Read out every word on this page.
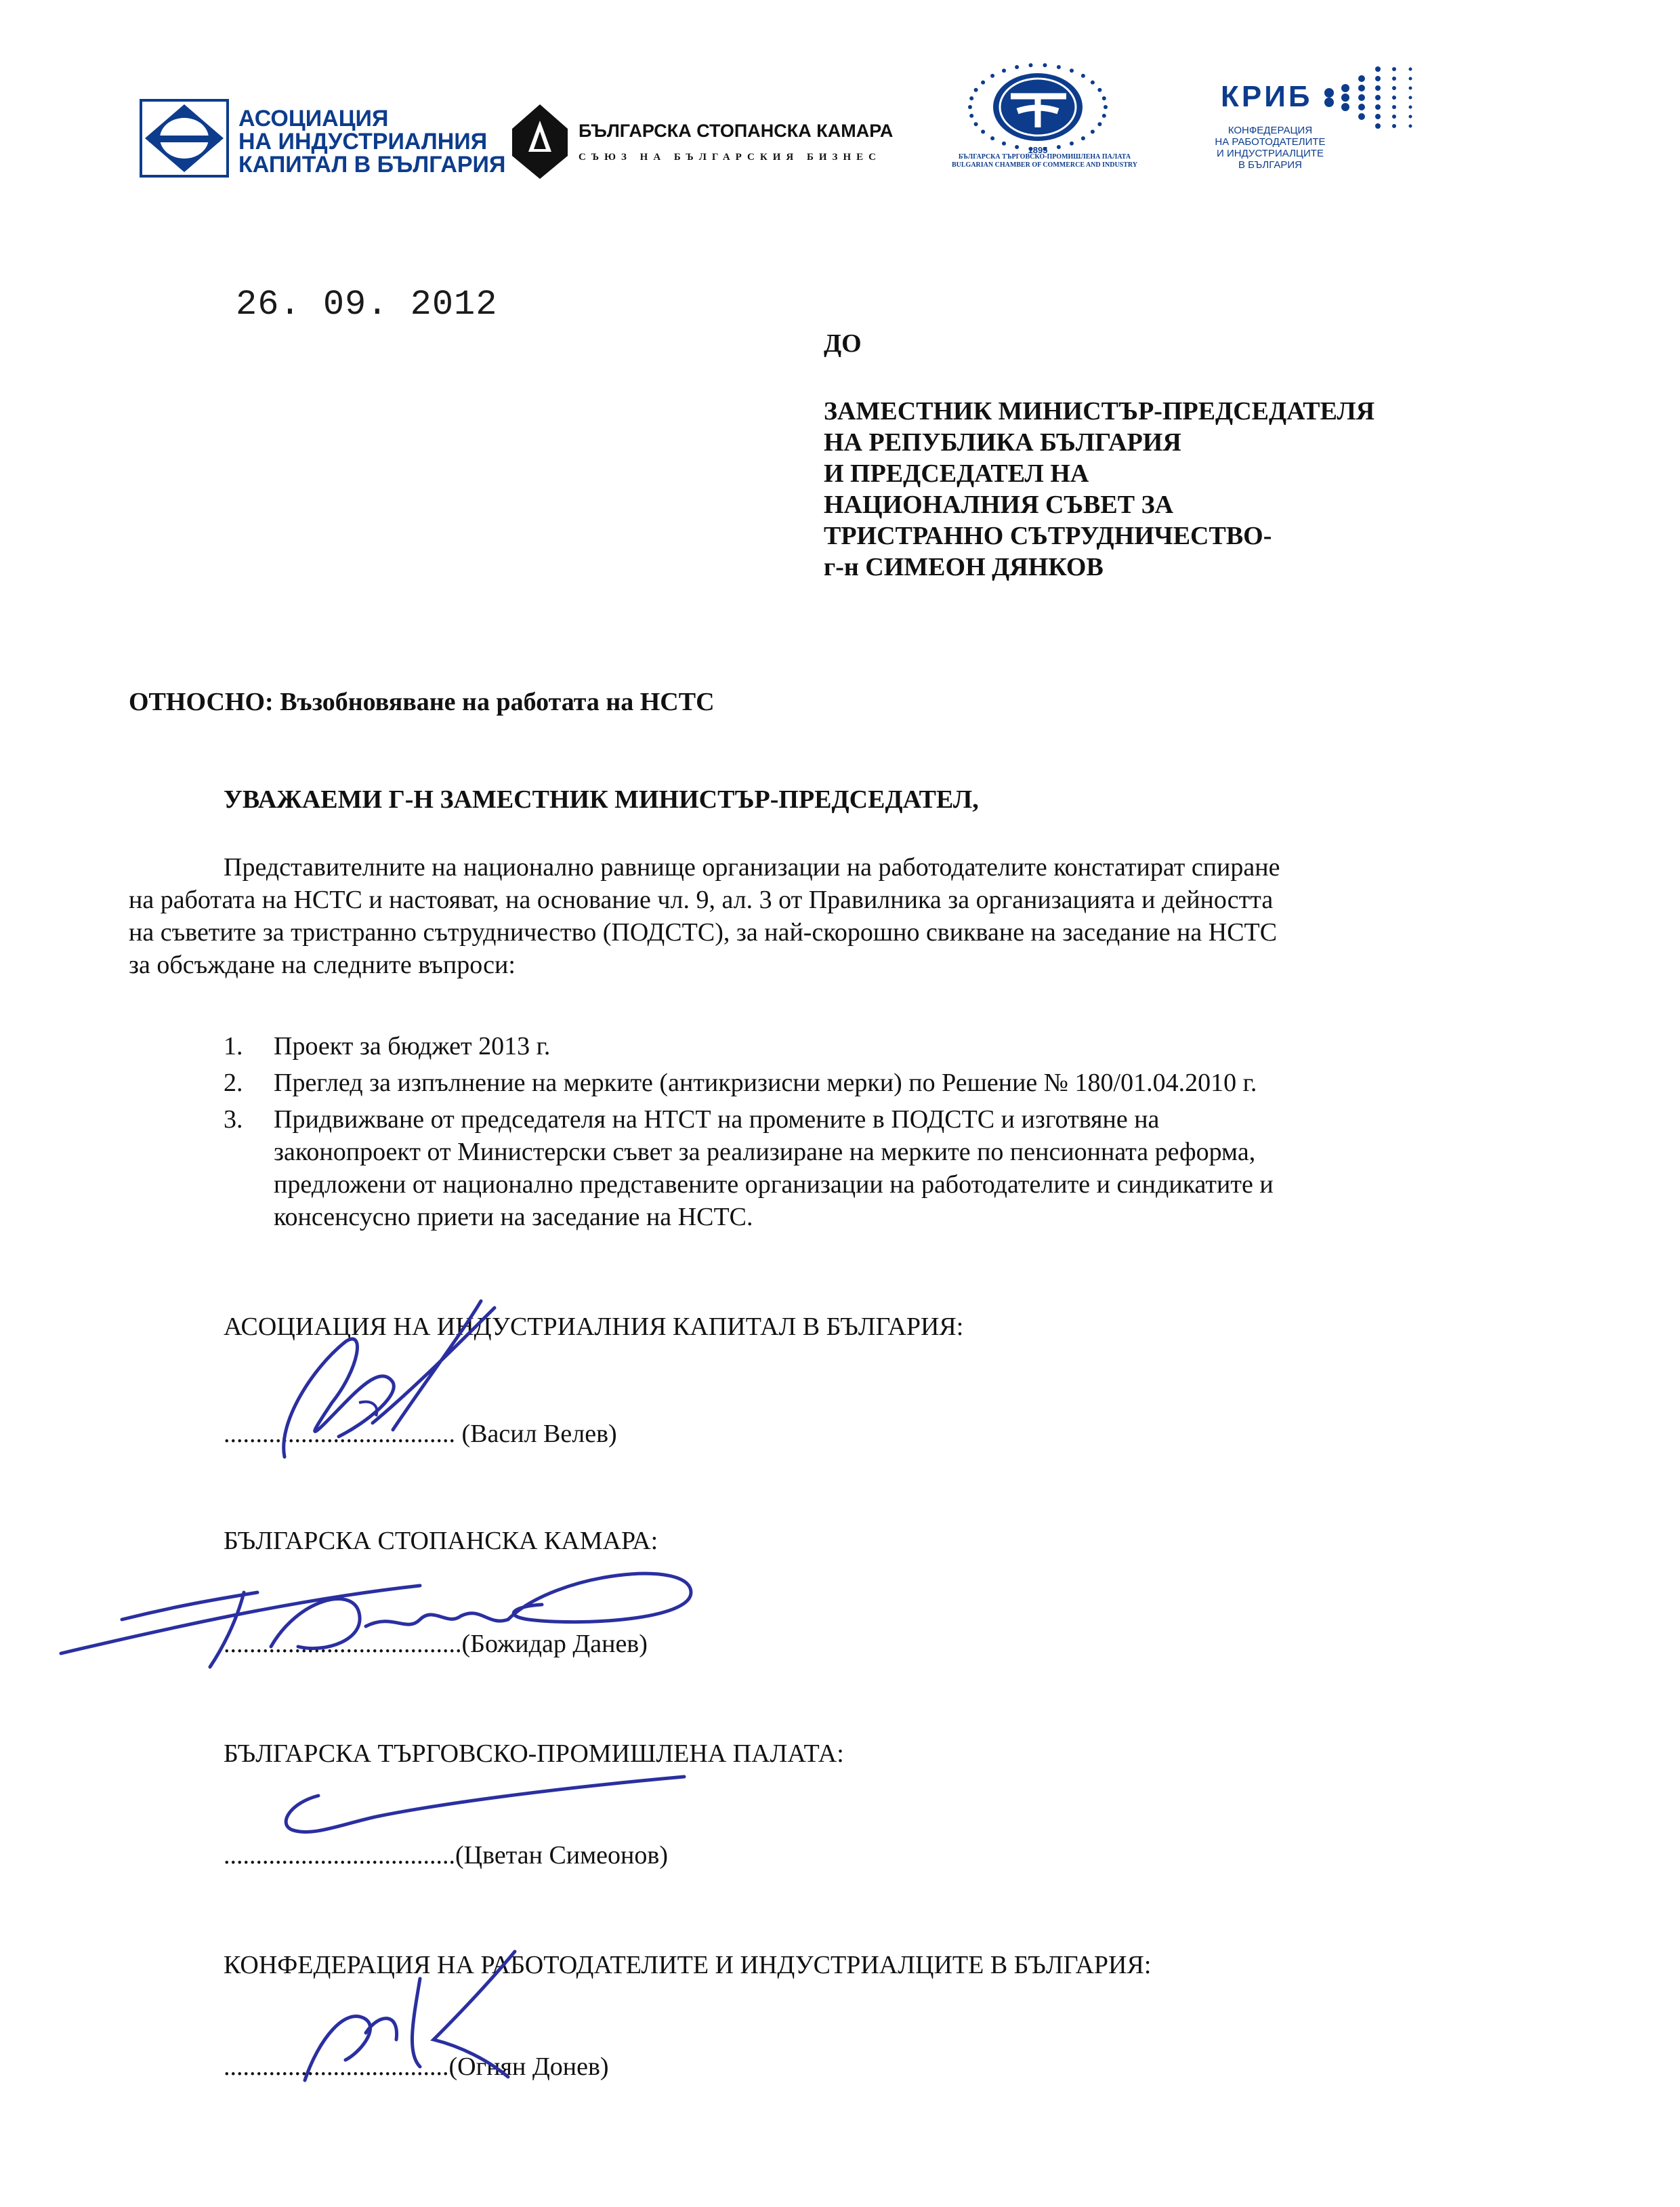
АСОЦИАЦИЯ
НА ИНДУСТРИАЛНИЯ
КАПИТАЛ В БЪЛГАРИЯ
БЪЛГАРСКА СТОПАНСКА КАМАРА
СЪЮЗ НА БЪЛГАРСКИЯ БИЗНЕС
1895
БЪЛГАРСКА ТЪРГОВСКО-ПРОМИШЛЕНА ПАЛАТА
BULGARIAN CHAMBER OF COMMERCE AND INDUSTRY
КРИБ
КОНФЕДЕРАЦИЯ
НА РАБОТОДАТЕЛИТЕ
И ИНДУСТРИАЛЦИТЕ
В БЪЛГАРИЯ
26. 09. 2012
ДО
ЗАМЕСТНИК МИНИСТЪР-ПРЕДСЕДАТЕЛЯ
НА РЕПУБЛИКА БЪЛГАРИЯ
И ПРЕДСЕДАТЕЛ НА
НАЦИОНАЛНИЯ СЪВЕТ ЗА
ТРИСТРАННО СЪТРУДНИЧЕСТВО-
г-н СИМЕОН ДЯНКОВ
ОТНОСНО: Възобновяване на работата на НСТС
УВАЖАЕМИ Г-Н ЗАМЕСТНИК МИНИСТЪР-ПРЕДСЕДАТЕЛ,
Представителните на национално равнище организации на работодателите констатират спиране
на работата на НСТС и настояват, на основание чл. 9, ал. 3 от Правилника за организацията и дейността
на съветите за тристранно сътрудничество (ПОДСТС), за най-скорошно свикване на заседание на НСТС
за обсъждане на следните въпроси:
1. Проект за бюджет 2013 г.
2. Преглед за изпълнение на мерките (антикризисни мерки) по Решение № 180/01.04.2010 г.
3. Придвижване от председателя на НТСТ на промените в ПОДСТС и изготвяне на
законопроект от Министерски съвет за реализиране на мерките по пенсионната реформа,
предложени от национално представените организации на работодателите и синдикатите и
консенсусно приети на заседание на НСТС.
АСОЦИАЦИЯ НА ИНДУСТРИАЛНИЯ КАПИТАЛ В БЪЛГАРИЯ:
.................................... (Васил Велев)
БЪЛГАРСКА СТОПАНСКА КАМАРА:
.....................................(Божидар Данев)
БЪЛГАРСКА ТЪРГОВСКО-ПРОМИШЛЕНА ПАЛАТА:
....................................(Цветан Симеонов)
КОНФЕДЕРАЦИЯ НА РАБОТОДАТЕЛИТЕ И ИНДУСТРИАЛЦИТЕ В БЪЛГАРИЯ:
...................................(Огнян Донев)
